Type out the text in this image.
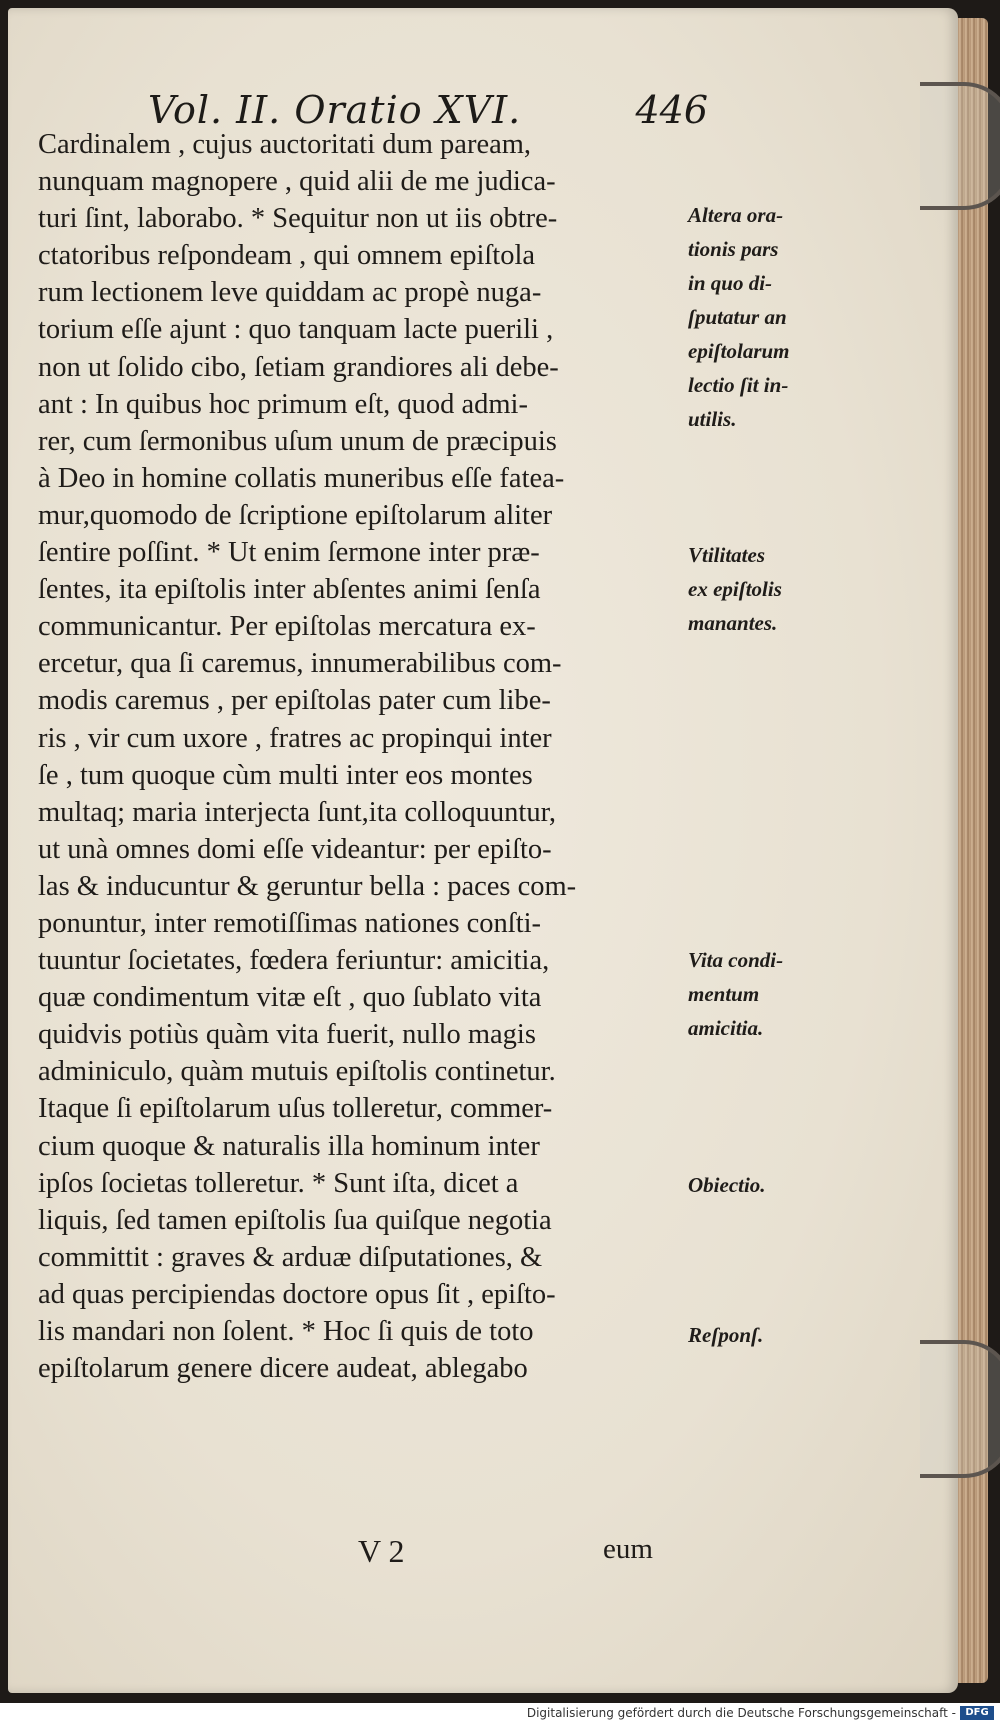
Vol. II. Oratio XVI.	446
Cardinalem , cujus auctoritati dum paream,
nunquam magnopere , quid alii de me judica-
turi ſint, laborabo. * Sequitur non ut iis obtre-
ctatoribus reſpondeam , qui omnem epiſtola
rum lectionem leve quiddam ac propè nuga-
torium eſſe ajunt : quo tanquam lacte puerili ,
non ut ſolido cibo, ſetiam grandiores ali debe-
ant : In quibus hoc primum eſt, quod admi-
rer, cum ſermonibus uſum unum de præcipuis
à Deo in homine collatis muneribus eſſe fatea-
mur,quomodo de ſcriptione epiſtolarum aliter
ſentire poſſint. * Ut enim ſermone inter præ-
ſentes, ita epiſtolis inter abſentes animi ſenſa
communicantur. Per epiſtolas mercatura ex-
ercetur, qua ſi caremus, innumerabilibus com-
modis caremus , per epiſtolas pater cum libe-
ris , vir cum uxore , fratres ac propinqui inter
ſe , tum quoque cùm multi inter eos montes
multaq; maria interjecta ſunt,ita colloquuntur,
ut unà omnes domi eſſe videantur: per epiſto-
las & inducuntur & geruntur bella : paces com-
ponuntur, inter remotiſſimas nationes conſti-
tuuntur ſocietates, fœdera feriuntur: amicitia,
quæ condimentum vitæ eſt , quo ſublato vita
quidvis potiùs quàm vita fuerit, nullo magis
adminiculo, quàm mutuis epiſtolis continetur.
Itaque ſi epiſtolarum uſus tolleretur, commer-
cium quoque & naturalis illa hominum inter
ipſos ſocietas tolleretur. * Sunt iſta, dicet a
liquis, ſed tamen epiſtolis ſua quiſque negotia
committit : graves & arduæ diſputationes, &
ad quas percipiendas doctore opus ſit , epiſto-
lis mandari non ſolent. * Hoc ſi quis de toto
epiſtolarum genere dicere audeat, ablegabo
Altera ora-
tionis pars
in quo di-
ſputatur an
epiſtolarum
lectio ſit in-
utilis.
Vtilitates
ex epiſtolis
manantes.
Vita condi-
mentum
amicitia.
Obiectio.
Reſponſ.
V 2	eum
Digitalisierung gefördert durch die Deutsche Forschungsgemeinschaft - DFG
